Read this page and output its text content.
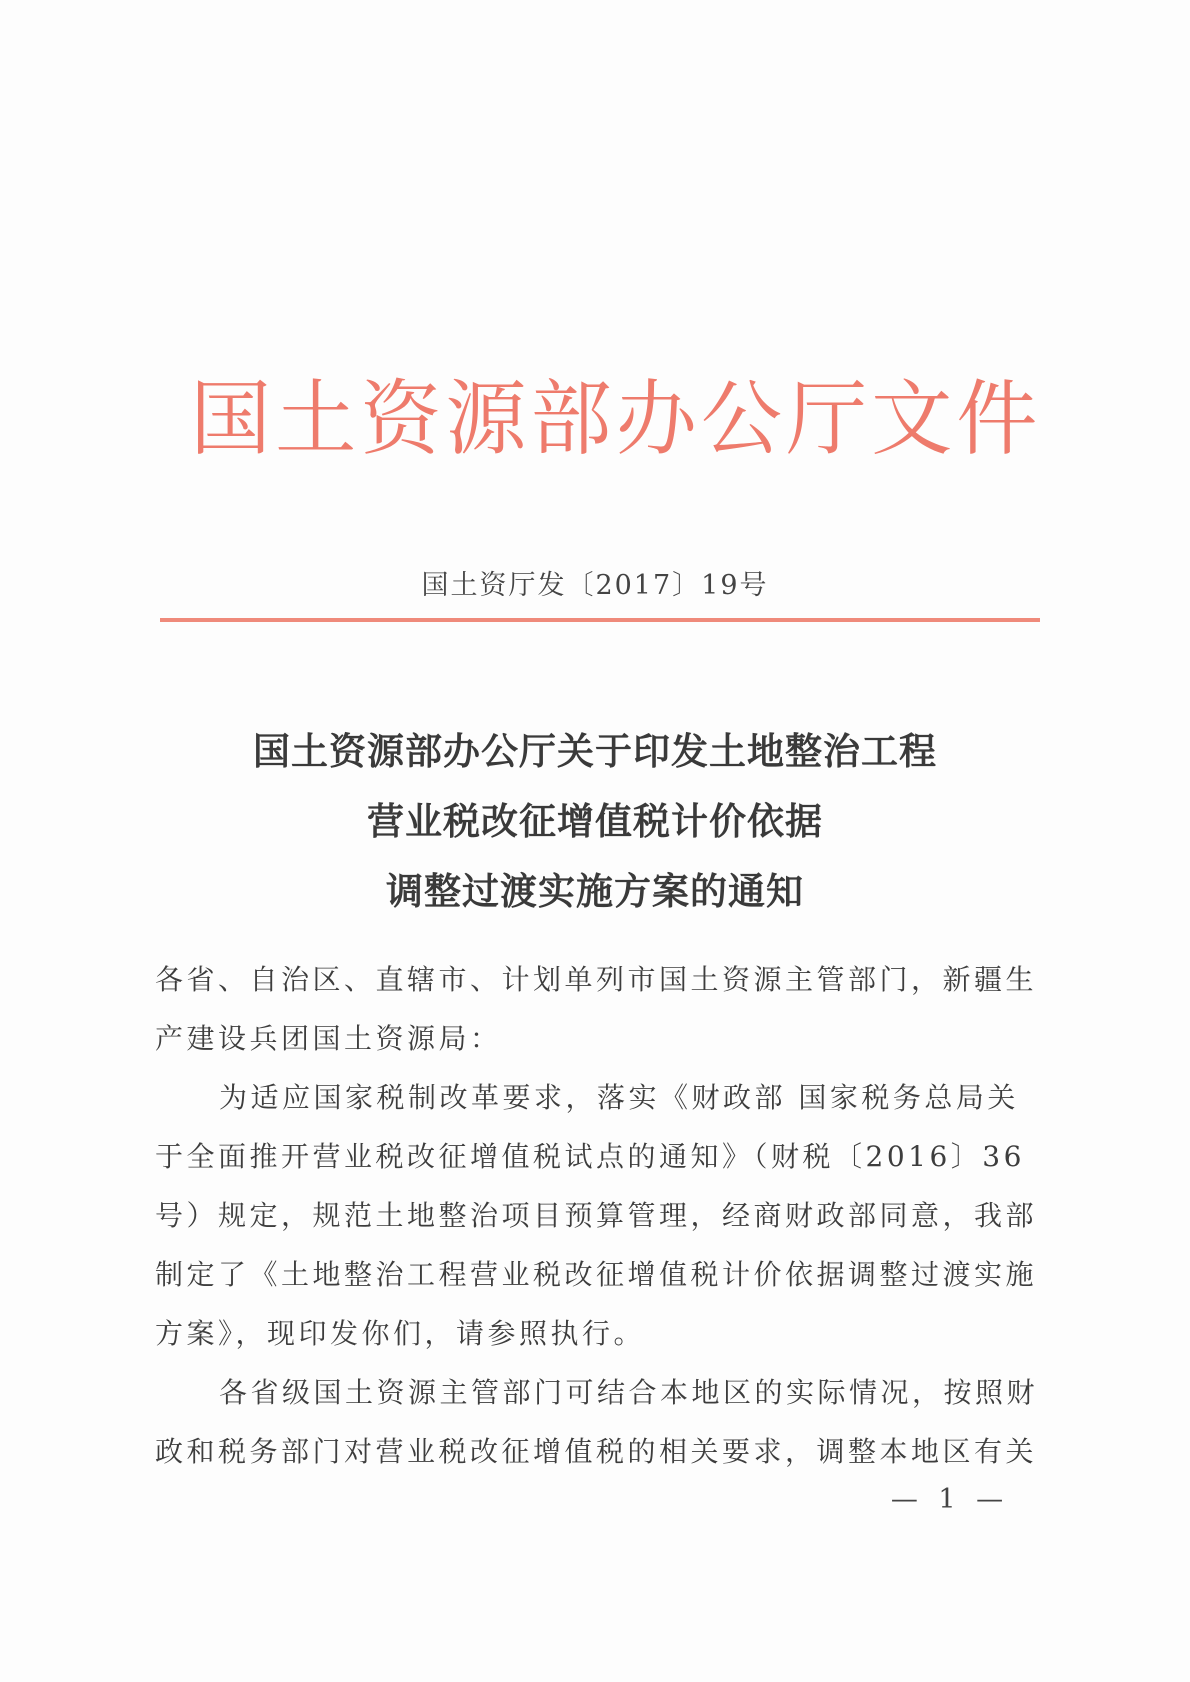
国土资源部办公厅文件
国土资厅发〔2017〕19号
国土资源部办公厅关于印发土地整治工程
营业税改征增值税计价依据
调整过渡实施方案的通知
各省、自治区、直辖市、计划单列市国土资源主管部门，新疆生
产建设兵团国土资源局：
为适应国家税制改革要求，落实《财政部 国家税务总局关
于全面推开营业税改征增值税试点的通知》（财税〔2016〕36
号）规定，规范土地整治项目预算管理，经商财政部同意，我部
制定了《土地整治工程营业税改征增值税计价依据调整过渡实施
方案》，现印发你们，请参照执行。
各省级国土资源主管部门可结合本地区的实际情况，按照财
政和税务部门对营业税改征增值税的相关要求，调整本地区有关
— 1 —
